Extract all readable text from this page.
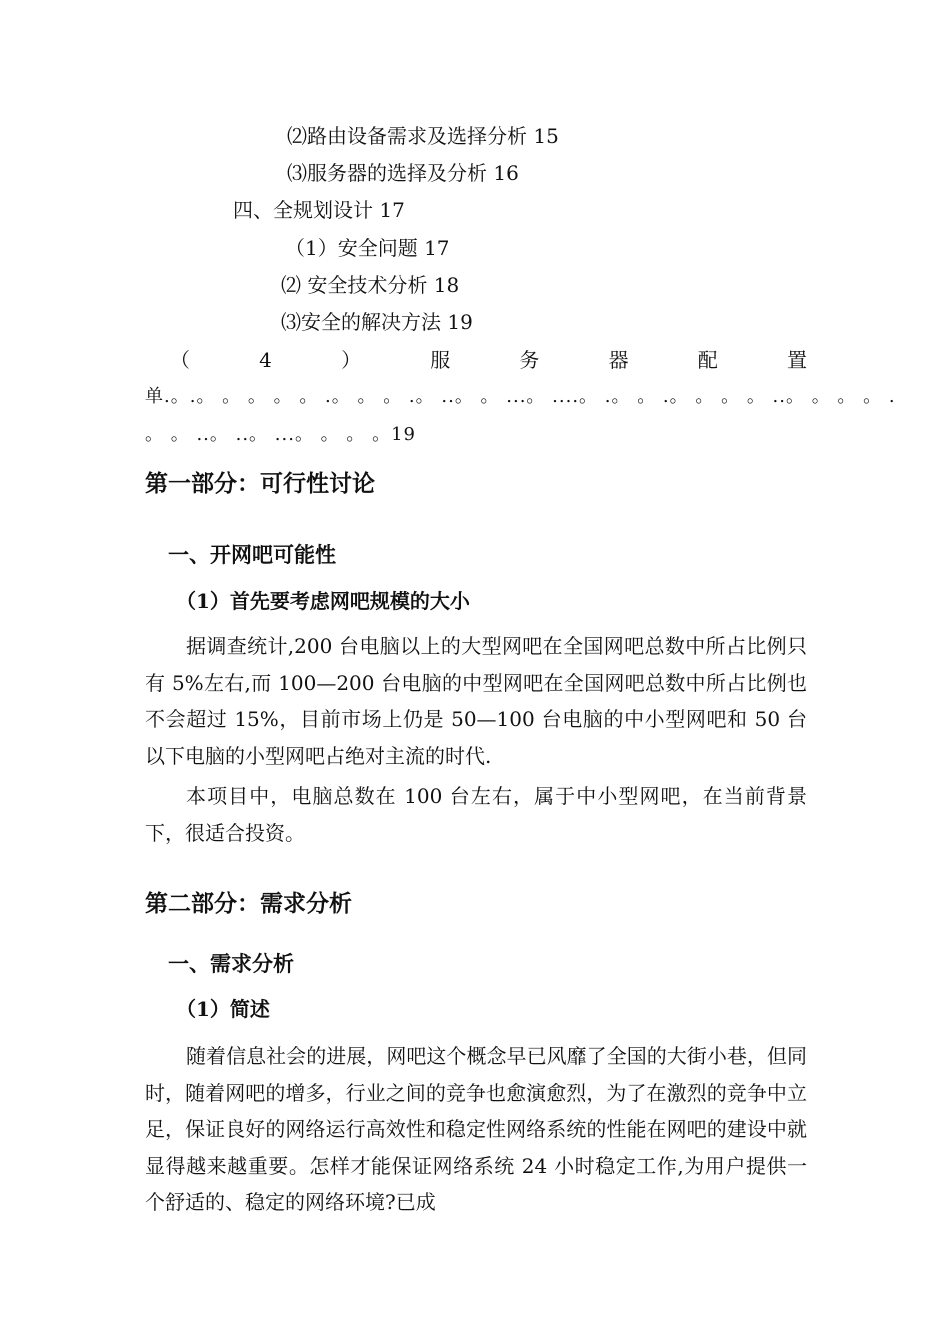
⑵路由设备需求及选择分析 15
⑶服务器的选择及分析 16
四、全规划设计 17
（1）安全问题 17
⑵ 安全技术分析 18
⑶安全的解决方法 19
（	4	）	服	务	器	配	置
单.。.。 。 。 。 。 .。 。 。 .。 ..。 。 ...。 ....。 .。 。 .。 。 。 。 ..。 。 。 。 .
。 。 ..。 ..。 ...。 。 。 。19
第一部分：可行性讨论
一、开网吧可能性
（1）首先要考虑网吧规模的大小

据调查统计,200 台电脑以上的大型网吧在全国网吧总数中所占比例只有 5%左右,而 100—200 台电脑的中型网吧在全国网吧总数中所占比例也不会超过 15%，目前市场上仍是 50—100 台电脑的中小型网吧和 50 台以下电脑的小型网吧占绝对主流的时代.

本项目中，电脑总数在 100 台左右，属于中小型网吧，在当前背景下，很适合投资。

第二部分：需求分析
一、需求分析
（1）简述

随着信息社会的进展，网吧这个概念早已风靡了全国的大街小巷，但同时，随着网吧的增多，行业之间的竞争也愈演愈烈，为了在激烈的竞争中立足，保证良好的网络运行高效性和稳定性网络系统的性能在网吧的建设中就显得越来越重要。怎样才能保证网络系统 24 小时稳定工作,为用户提供一个舒适的、稳定的网络环境?已成
